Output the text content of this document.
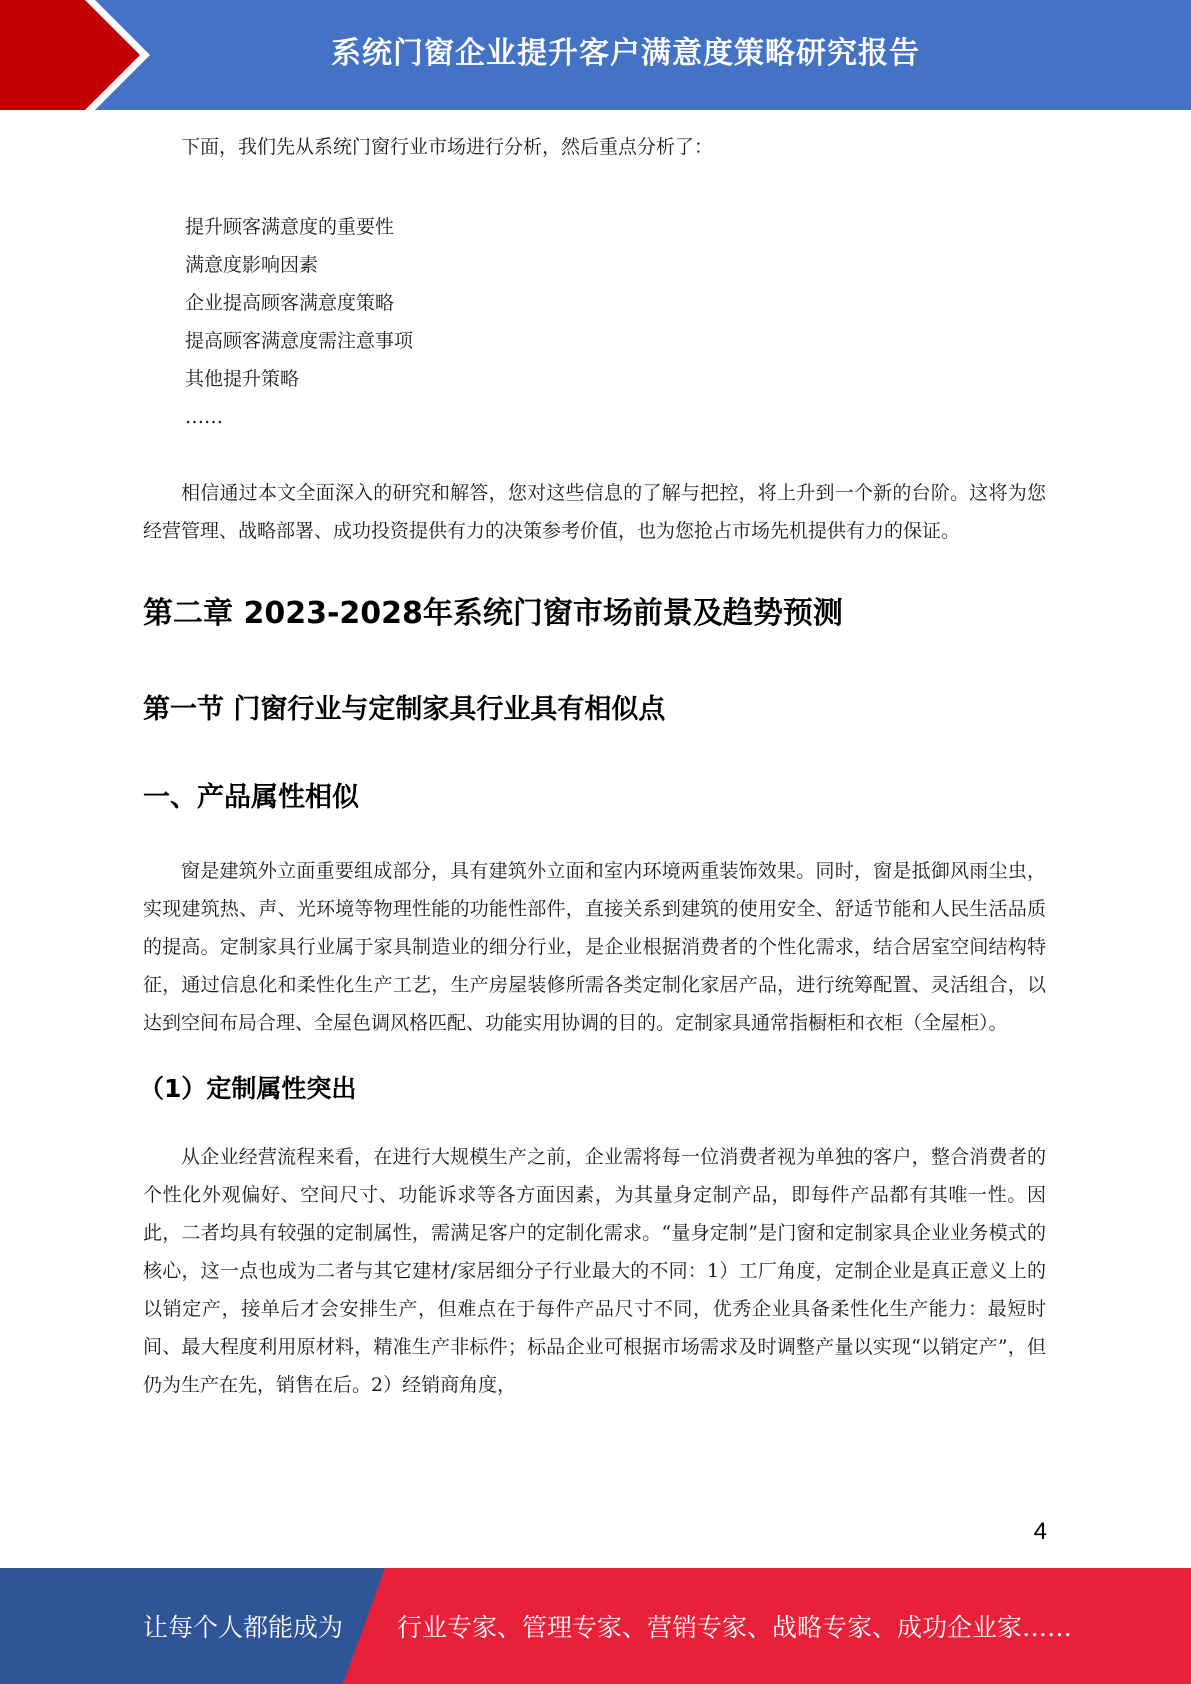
系统门窗企业提升客户满意度策略研究报告

下面，我们先从系统门窗行业市场进行分析，然后重点分析了：

提升顾客满意度的重要性
满意度影响因素
企业提高顾客满意度策略
提高顾客满意度需注意事项
其他提升策略
……

相信通过本文全面深入的研究和解答，您对这些信息的了解与把控，将上升到一个新的台阶。这将为您经营管理、战略部署、成功投资提供有力的决策参考价值，也为您抢占市场先机提供有力的保证。

第二章 2023-2028年系统门窗市场前景及趋势预测
第一节 门窗行业与定制家具行业具有相似点
一、产品属性相似

窗是建筑外立面重要组成部分，具有建筑外立面和室内环境两重装饰效果。同时，窗是抵御风雨尘虫，实现建筑热、声、光环境等物理性能的功能性部件，直接关系到建筑的使用安全、舒适节能和人民生活品质的提高。定制家具行业属于家具制造业的细分行业，是企业根据消费者的个性化需求，结合居室空间结构特征，通过信息化和柔性化生产工艺，生产房屋装修所需各类定制化家居产品，进行统筹配置、灵活组合，以达到空间布局合理、全屋色调风格匹配、功能实用协调的目的。定制家具通常指橱柜和衣柜（全屋柜）。

（1）定制属性突出

从企业经营流程来看，在进行大规模生产之前，企业需将每一位消费者视为单独的客户，整合消费者的个性化外观偏好、空间尺寸、功能诉求等各方面因素，为其量身定制产品，即每件产品都有其唯一性。因此，二者均具有较强的定制属性，需满足客户的定制化需求。“量身定制”是门窗和定制家具企业业务模式的核心，这一点也成为二者与其它建材/家居细分子行业最大的不同：1）工厂角度，定制企业是真正意义上的以销定产，接单后才会安排生产，但难点在于每件产品尺寸不同，优秀企业具备柔性化生产能力：最短时间、最大程度利用原材料，精准生产非标件；标品企业可根据市场需求及时调整产量以实现“以销定产”，但仍为生产在先，销售在后。2）经销商角度，

4
让每个人都能成为 行业专家、管理专家、营销专家、战略专家、成功企业家……
